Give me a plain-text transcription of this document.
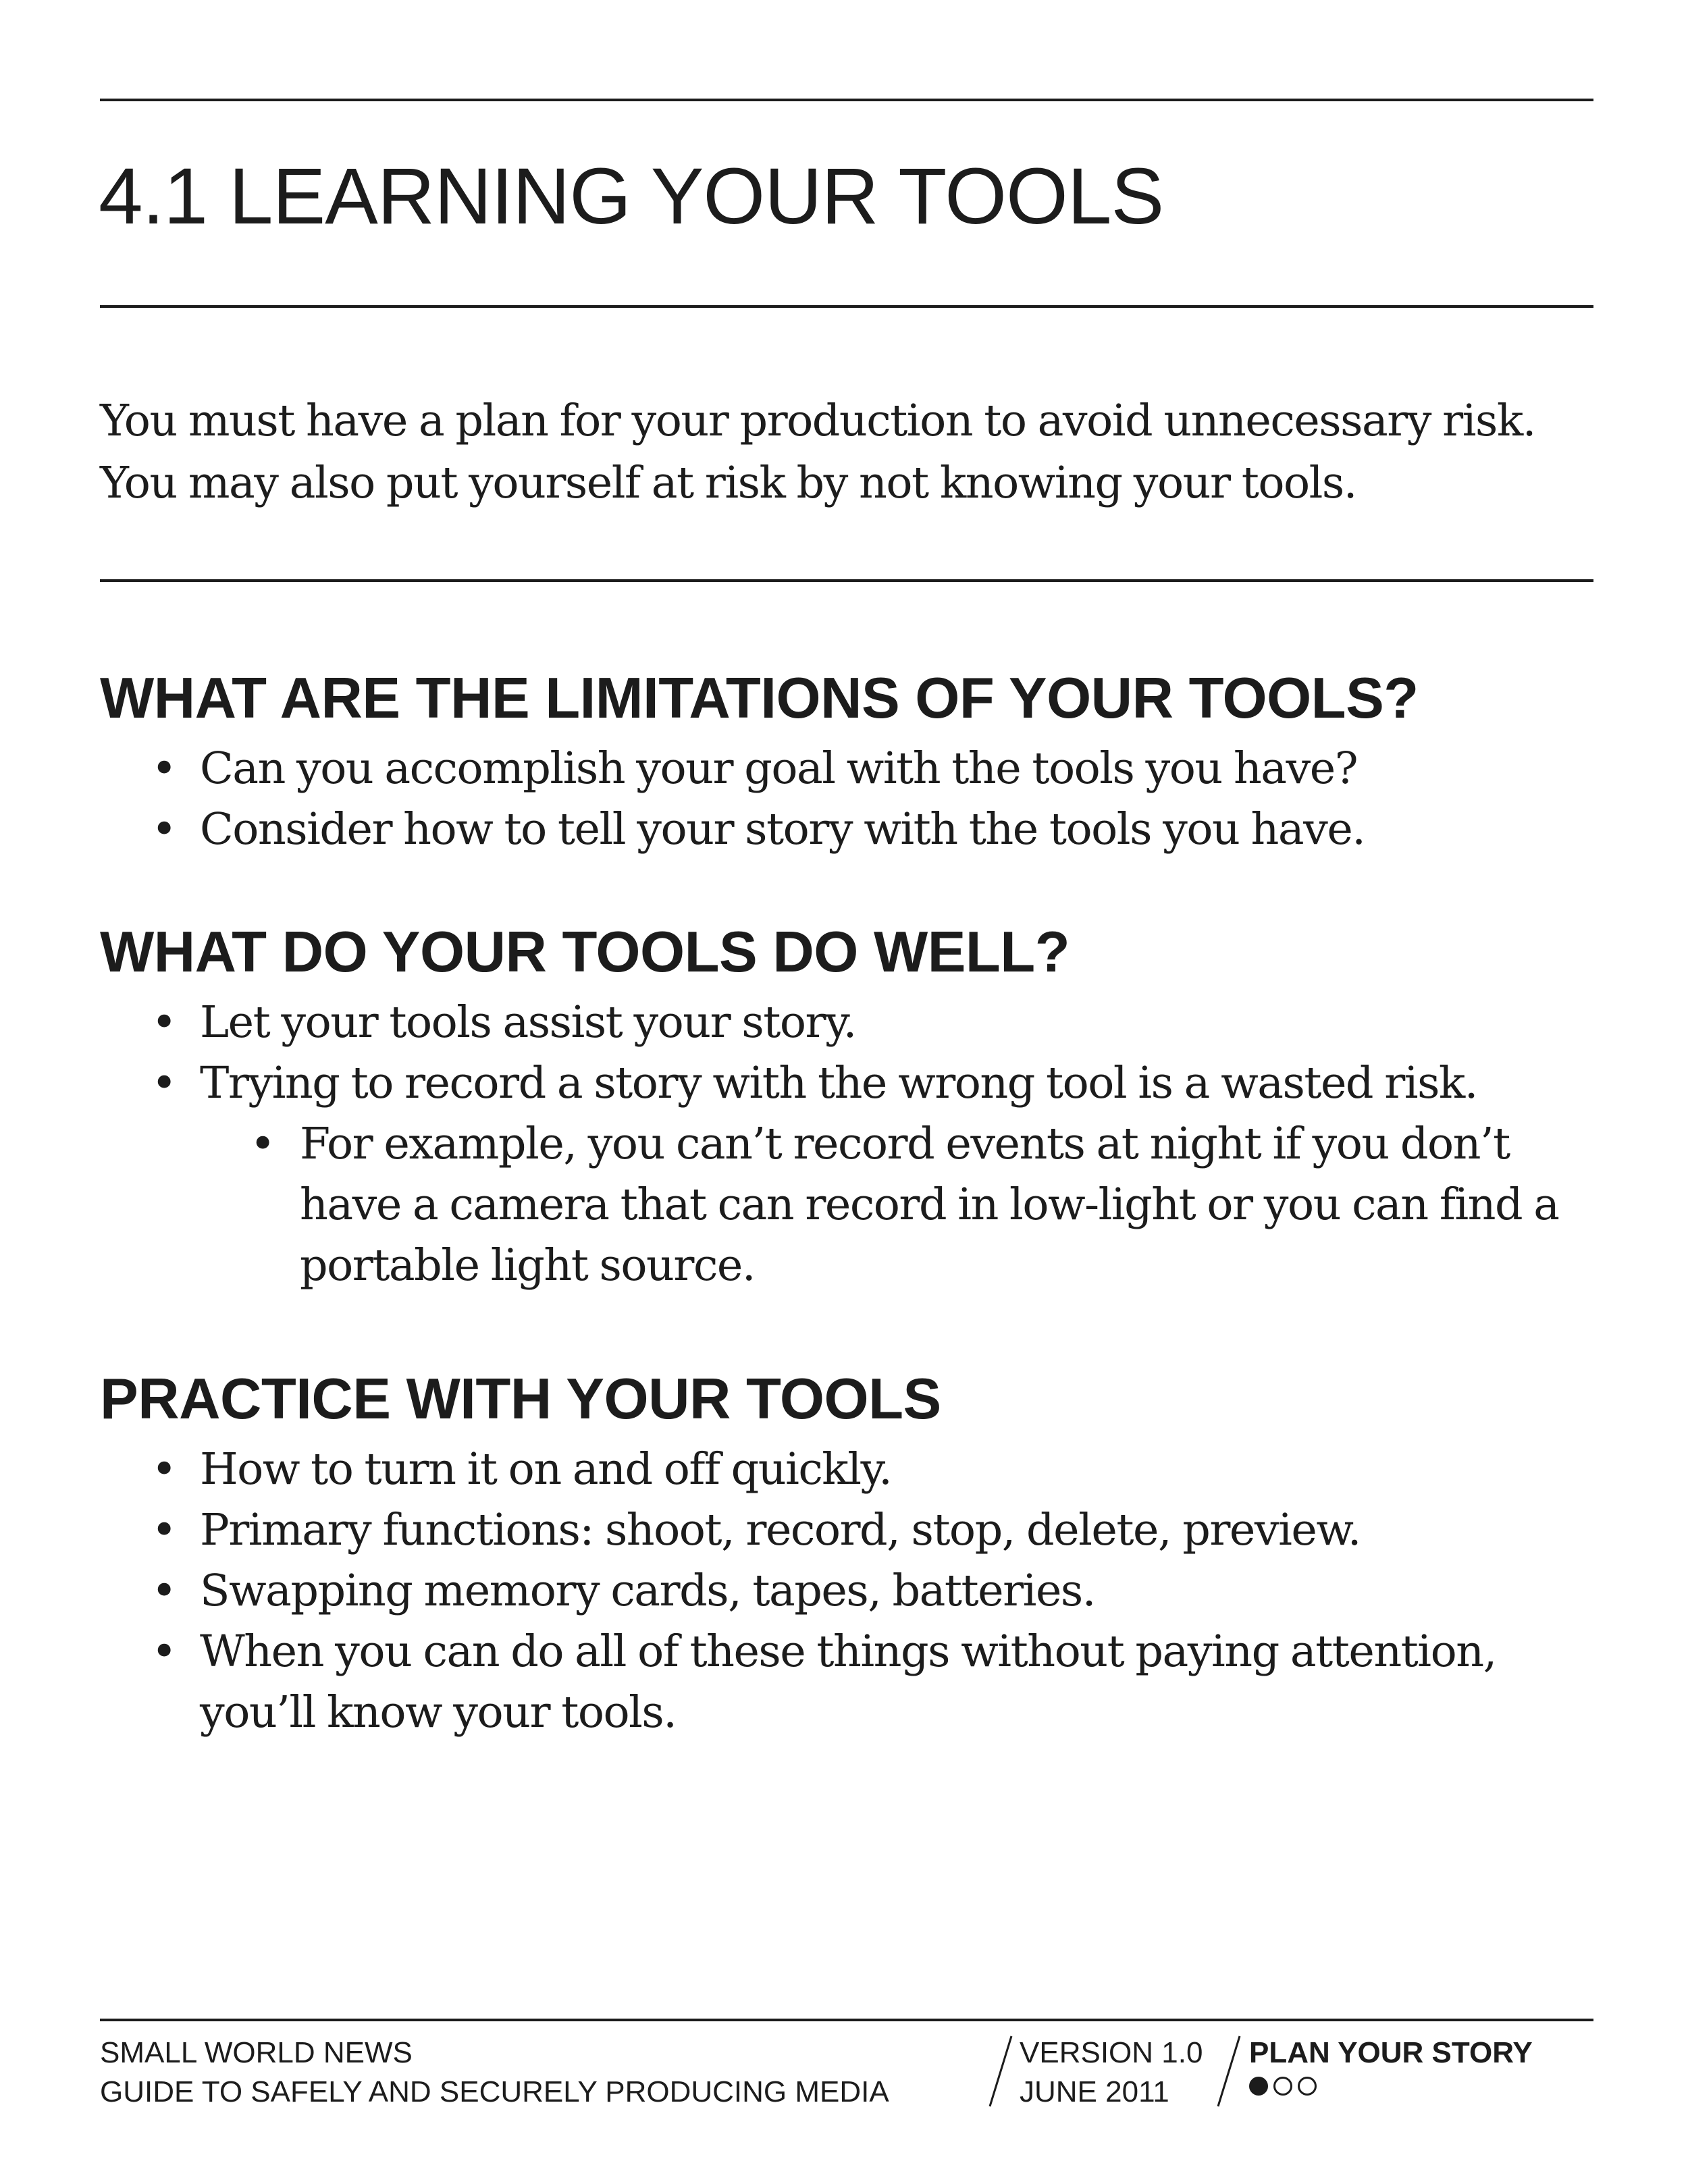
4.1 LEARNING YOUR TOOLS

You must have a plan for your production to avoid unnecessary risk.
You may also put yourself at risk by not knowing your tools.

WHAT ARE THE LIMITATIONS OF YOUR TOOLS?
• Can you accomplish your goal with the tools you have?
• Consider how to tell your story with the tools you have.
WHAT DO YOUR TOOLS DO WELL?
• Let your tools assist your story.
• Trying to record a story with the wrong tool is a wasted risk.
• For example, you can’t record events at night if you don’t
have a camera that can record in low-light or you can find a
portable light source.
PRACTICE WITH YOUR TOOLS
• How to turn it on and off quickly.
• Primary functions: shoot, record, stop, delete, preview.
• Swapping memory cards, tapes, batteries.
• When you can do all of these things without paying attention,
you’ll know your tools.
SMALL WORLD NEWS
GUIDE TO SAFELY AND SECURELY PRODUCING MEDIA
VERSION 1.0
JUNE 2011
PLAN YOUR STORY
